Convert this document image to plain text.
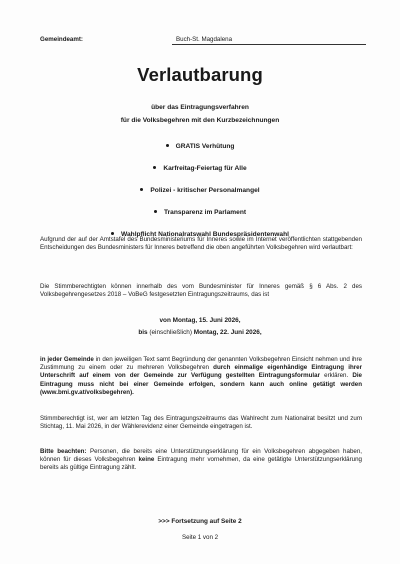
Gemeindeamt:	Buch-St. Magdalena
Verlautbarung
über das Eintragungsverfahren
für die Volksbegehren mit den Kurzbezeichnungen
GRATIS Verhütung
Karfreitag-Feiertag für Alle
Polizei - kritischer Personalmangel
Transparenz im Parlament
Wahlpflicht Nationalratswahl Bundespräsidentenwahl
Aufgrund der auf der Amtstafel des Bundesministeriums für Inneres sowie im Internet veröffentlichten stattgebenden Entscheidungen des Bundesministers für Inneres betreffend die oben angeführten Volksbegehren wird verlautbart:
Die Stimmberechtigten können innerhalb des vom Bundesminister für Inneres gemäß § 6 Abs. 2 des Volksbegehrengesetzes 2018 – VoBeG festgesetzten Eintragungszeitraums, das ist
von Montag, 15. Juni 2026,
bis (einschließlich) Montag, 22. Juni 2026,
in jeder Gemeinde in den jeweiligen Text samt Begründung der genannten Volksbegehren Einsicht nehmen und ihre Zustimmung zu einem oder zu mehreren Volksbegehren durch einmalige eigenhändige Eintragung ihrer Unterschrift auf einem von der Gemeinde zur Verfügung gestellten Eintragungsformular erklären. Die Eintragung muss nicht bei einer Gemeinde erfolgen, sondern kann auch online getätigt werden (www.bmi.gv.at/volksbegehren).
Stimmberechtigt ist, wer am letzten Tag des Eintragungszeitraums das Wahlrecht zum Nationalrat besitzt und zum Stichtag, 11. Mai 2026, in der Wählerevidenz einer Gemeinde eingetragen ist.
Bitte beachten: Personen, die bereits eine Unterstützungserklärung für ein Volksbegehren abgegeben haben, können für dieses Volksbegehren keine Eintragung mehr vornehmen, da eine getätigte Unterstützungserklärung bereits als gültige Eintragung zählt.
>>> Fortsetzung auf Seite 2
Seite 1 von 2
